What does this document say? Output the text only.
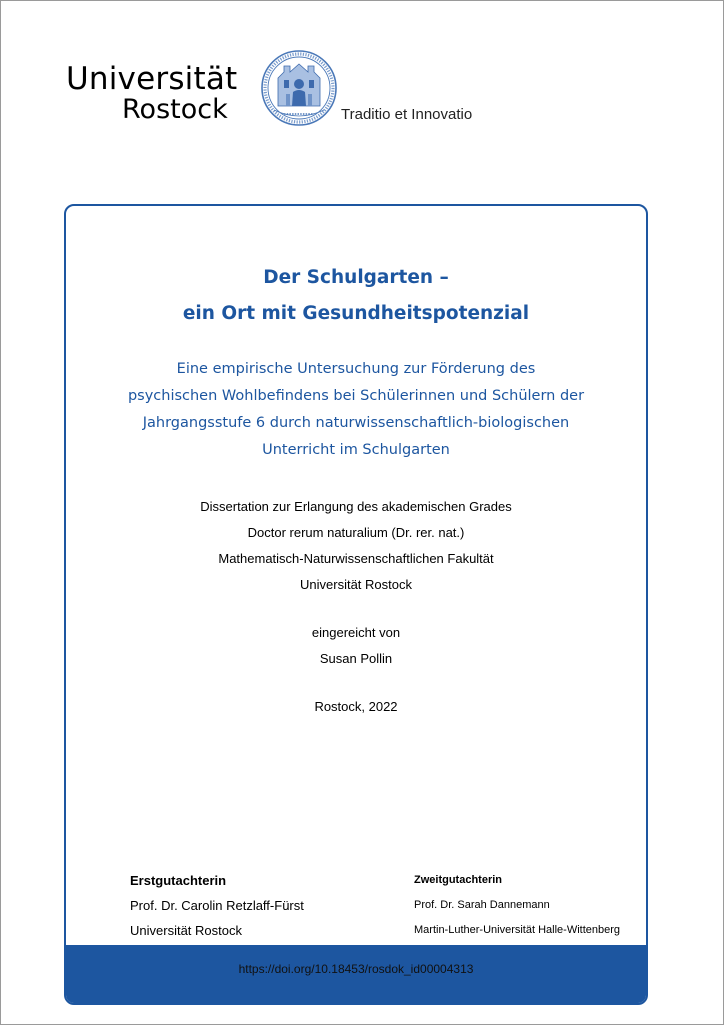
Universität
Rostock	Traditio et Innovatio
Der Schulgarten –
ein Ort mit Gesundheitspotenzial
Eine empirische Untersuchung zur Förderung des
psychischen Wohlbefindens bei Schülerinnen und Schülern der
Jahrgangsstufe 6 durch naturwissenschaftlich-biologischen
Unterricht im Schulgarten
Dissertation zur Erlangung des akademischen Grades
Doctor rerum naturalium (Dr. rer. nat.)
Mathematisch-Naturwissenschaftlichen Fakultät
Universität Rostock
eingereicht von
Susan Pollin
Rostock, 2022
Erstgutachterin
Prof. Dr. Carolin Retzlaff-Fürst
Universität Rostock
Zweitgutachterin
Prof. Dr. Sarah Dannemann
Martin-Luther-Universität Halle-Wittenberg
https://doi.org/10.18453/rosdok_id00004313
